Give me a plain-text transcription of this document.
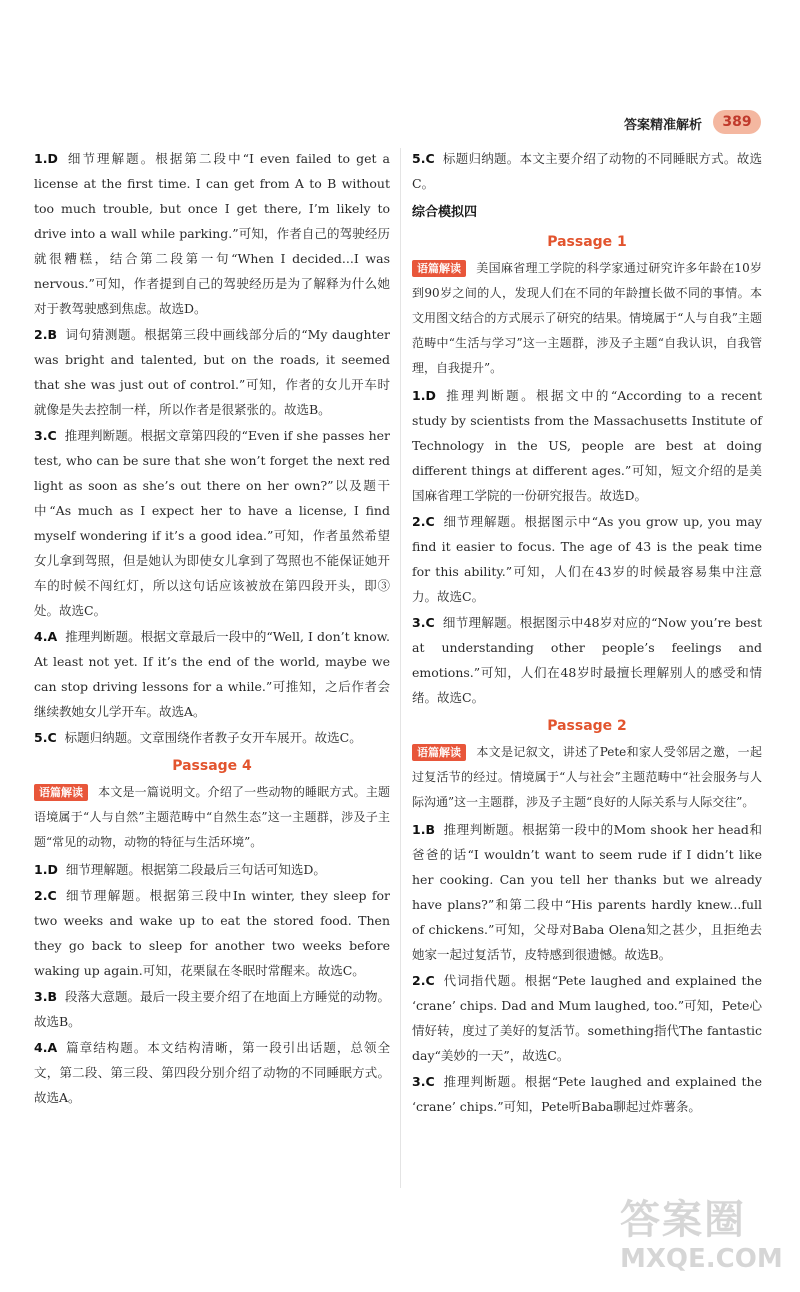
答案精准解析	389

1.D 细节理解题。根据第二段中“I even failed to get a license at the first time. I can get from A to B without too much trouble, but once I get there, I’m likely to drive into a wall while parking.”可知，作者自己的驾驶经历就很糟糕，结合第二段第一句“When I decided...I was nervous.”可知，作者提到自己的驾驶经历是为了解释为什么她对于教驾驶感到焦虑。故选D。

2.B 词句猜测题。根据第三段中画线部分后的“My daughter was bright and talented, but on the roads, it seemed that she was just out of control.”可知，作者的女儿开车时就像是失去控制一样，所以作者是很紧张的。故选B。

3.C 推理判断题。根据文章第四段的“Even if she passes her test, who can be sure that she won’t forget the next red light as soon as she’s out there on her own?”以及题干中“As much as I expect her to have a license, I find myself wondering if it’s a good idea.”可知，作者虽然希望女儿拿到驾照，但是她认为即使女儿拿到了驾照也不能保证她开车的时候不闯红灯，所以这句话应该被放在第四段开头，即③处。故选C。

4.A 推理判断题。根据文章最后一段中的“Well, I don’t know. At least not yet. If it’s the end of the world, maybe we can stop driving lessons for a while.”可推知，之后作者会继续教她女儿学开车。故选A。

5.C 标题归纳题。文章围绕作者教子女开车展开。故选C。

Passage 4

语篇解读 本文是一篇说明文。介绍了一些动物的睡眠方式。主题语境属于“人与自然”主题范畴中“自然生态”这一主题群，涉及子主题“常见的动物，动物的特征与生活环境”。

1.D 细节理解题。根据第二段最后三句话可知选D。

2.C 细节理解题。根据第三段中In winter, they sleep for two weeks and wake up to eat the stored food. Then they go back to sleep for another two weeks before waking up again.可知，花栗鼠在冬眠时常醒来。故选C。

3.B 段落大意题。最后一段主要介绍了在地面上方睡觉的动物。故选B。

4.A 篇章结构题。本文结构清晰，第一段引出话题，总领全文，第二段、第三段、第四段分别介绍了动物的不同睡眠方式。故选A。

5.C 标题归纳题。本文主要介绍了动物的不同睡眠方式。故选C。

综合模拟四
Passage 1

语篇解读 美国麻省理工学院的科学家通过研究许多年龄在10岁到90岁之间的人，发现人们在不同的年龄擅长做不同的事情。本文用图文结合的方式展示了研究的结果。情境属于“人与自我”主题范畴中“生活与学习”这一主题群，涉及子主题“自我认识，自我管理，自我提升”。

1.D 推理判断题。根据文中的“According to a recent study by scientists from the Massachusetts Institute of Technology in the US, people are best at doing different things at different ages.”可知，短文介绍的是美国麻省理工学院的一份研究报告。故选D。

2.C 细节理解题。根据图示中“As you grow up, you may find it easier to focus. The age of 43 is the peak time for this ability.”可知，人们在43岁的时候最容易集中注意力。故选C。

3.C 细节理解题。根据图示中48岁对应的“Now you’re best at understanding other people’s feelings and emotions.”可知，人们在48岁时最擅长理解别人的感受和情绪。故选C。

Passage 2

语篇解读 本文是记叙文，讲述了Pete和家人受邻居之邀，一起过复活节的经过。情境属于“人与社会”主题范畴中“社会服务与人际沟通”这一主题群，涉及子主题“良好的人际关系与人际交往”。

1.B 推理判断题。根据第一段中的Mom shook her head和爸爸的话“I wouldn’t want to seem rude if I didn’t like her cooking. Can you tell her thanks but we already have plans?”和第二段中“His parents hardly knew...full of chickens.”可知，父母对Baba Olena知之甚少，且拒绝去她家一起过复活节，皮特感到很遗憾。故选B。

2.C 代词指代题。根据“Pete laughed and explained the ‘crane’ chips. Dad and Mum laughed, too.”可知，Pete心情好转，度过了美好的复活节。something指代The fantastic day“美妙的一天”，故选C。

3.C 推理判断题。根据“Pete laughed and explained the ‘crane’ chips.”可知，Pete听Baba聊起过炸薯条。

答案圈
MXQE.COM
